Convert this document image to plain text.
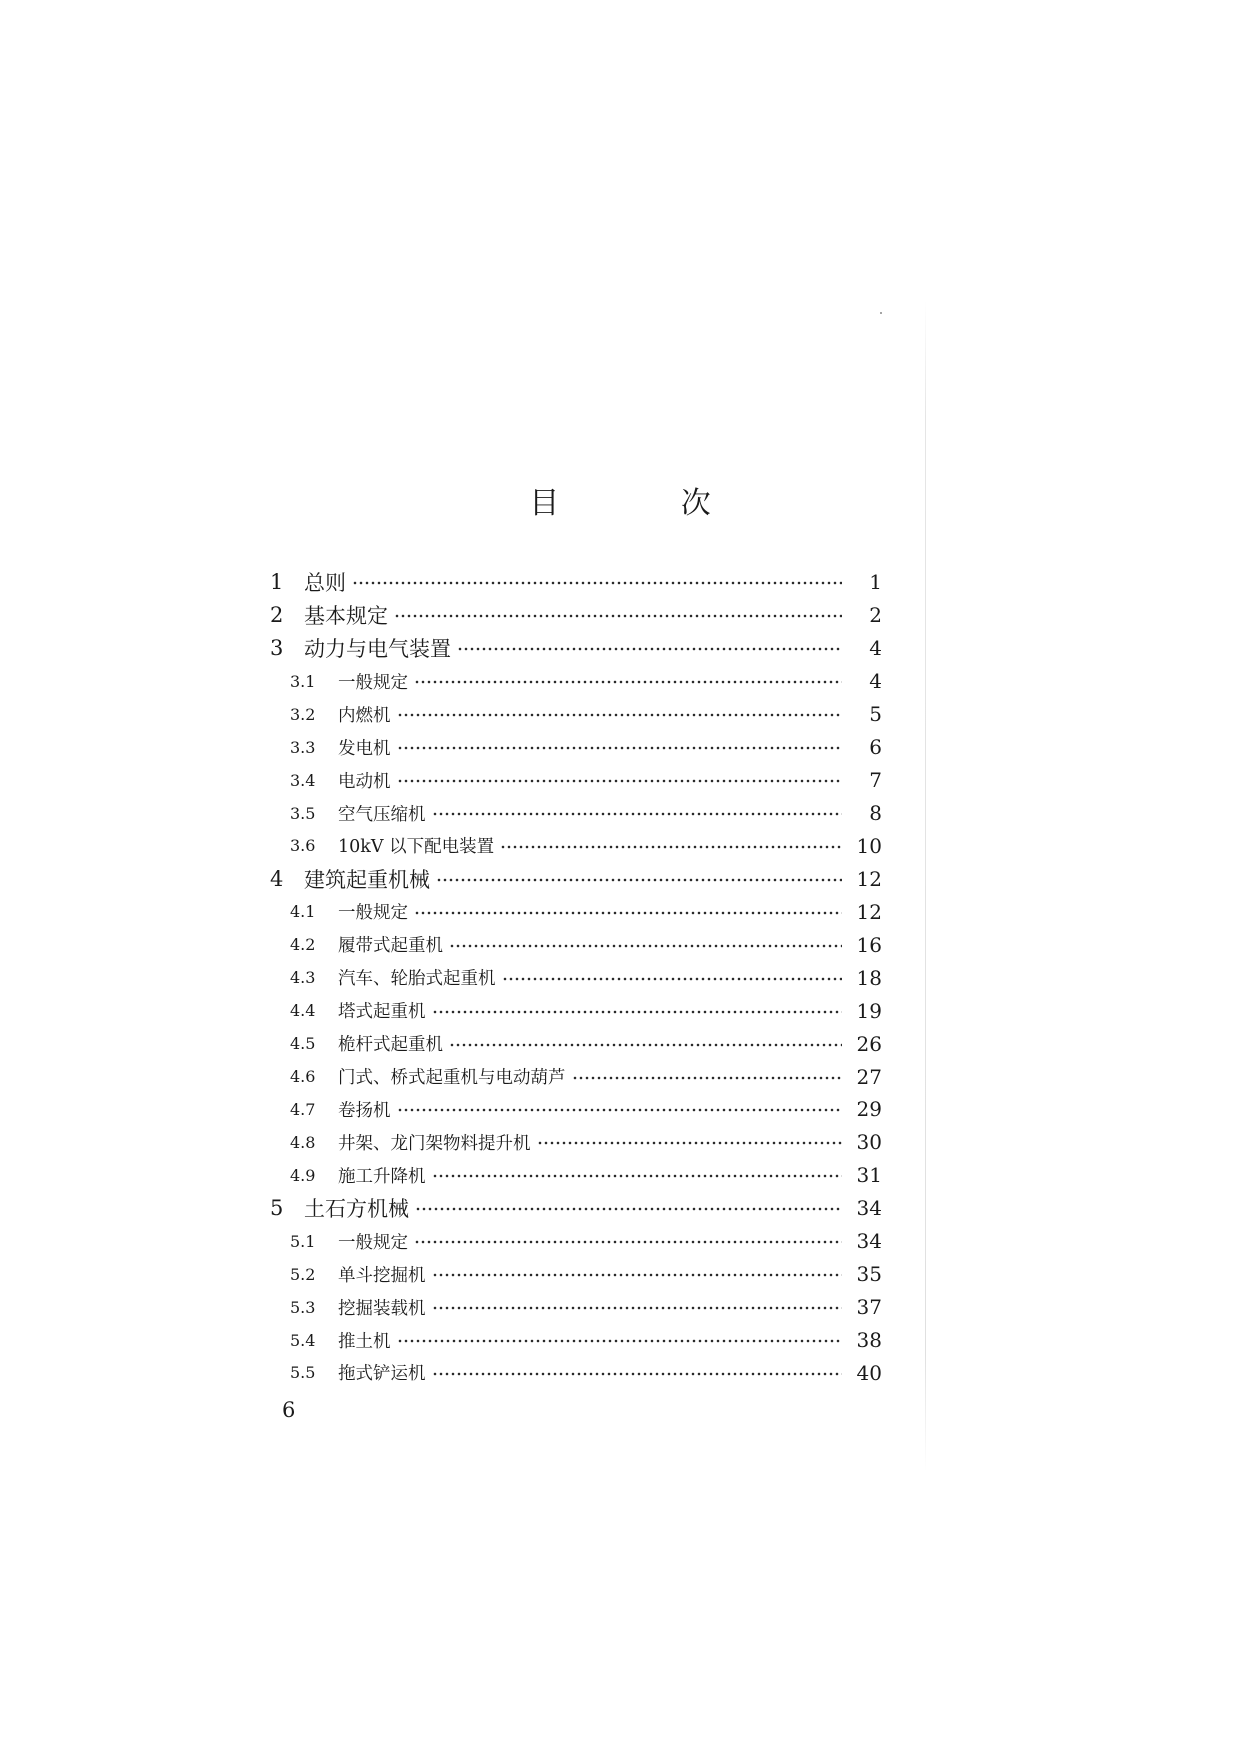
目 次
1 总则	1
2 基本规定	2
3 动力与电气装置	4
3.1	一般规定	4
3.2	内燃机	5
3.3	发电机	6
3.4	电动机	7
3.5	空气压缩机	8
3.6	10kV 以下配电装置	10
4 建筑起重机械	12
4.1	一般规定	12
4.2	履带式起重机	16
4.3	汽车、轮胎式起重机	18
4.4	塔式起重机	19
4.5	桅杆式起重机	26
4.6	门式、桥式起重机与电动葫芦	27
4.7	卷扬机	29
4.8	井架、龙门架物料提升机	30
4.9	施工升降机	31
5 土石方机械	34
5.1	一般规定	34
5.2	单斗挖掘机	35
5.3	挖掘装载机	37
5.4	推土机	38
5.5	拖式铲运机	40
6
